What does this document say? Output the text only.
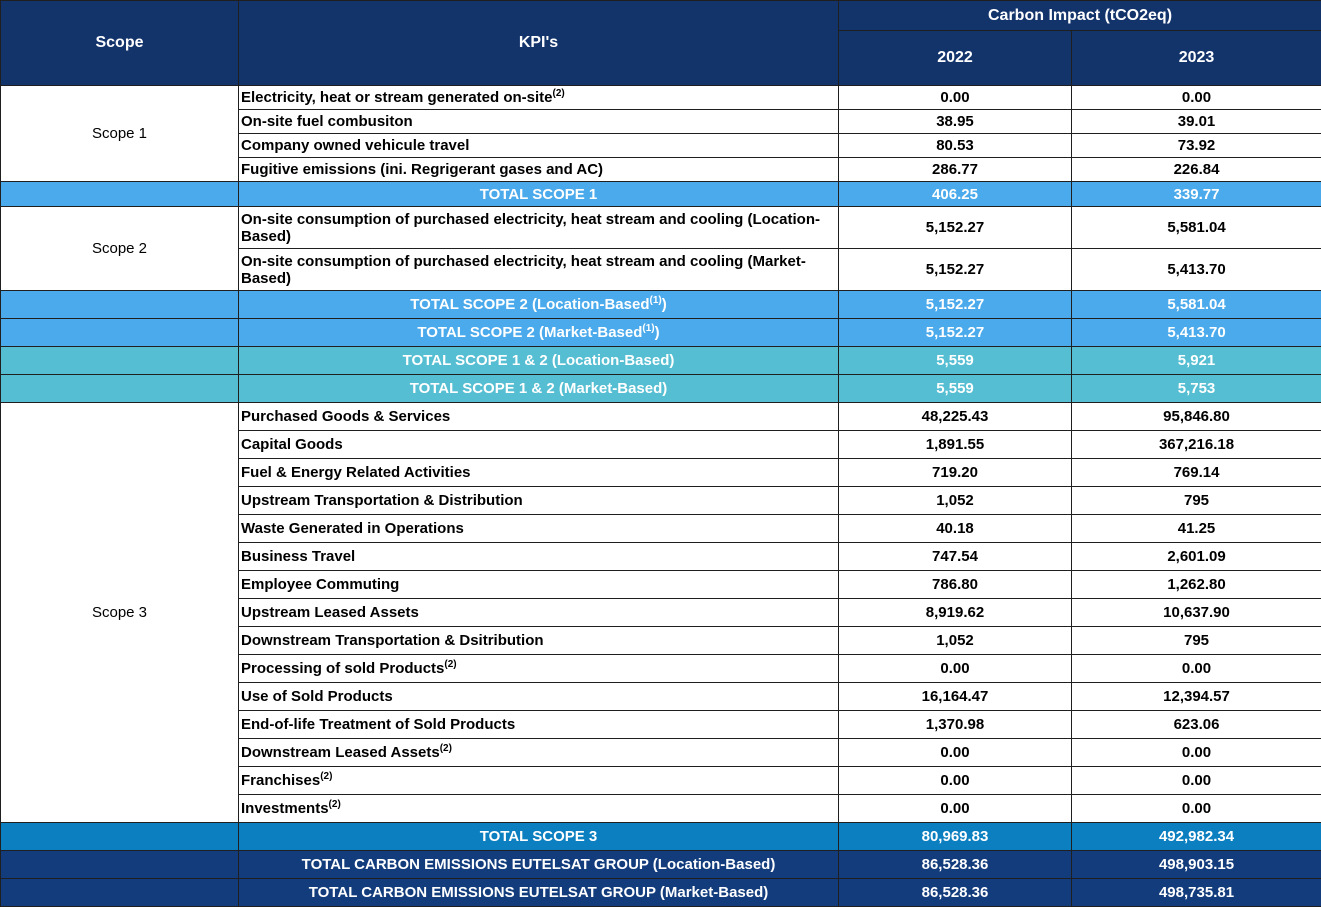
Scope	KPI's	Carbon Impact (tCO2eq)	
		2022	2023
Scope 1	Electricity, heat or stream generated on-site$^{(2)}$	0.00	0.00
	On-site fuel combusiton	38.95	39.01
	Company owned vehicule travel	80.53	73.92
	Fugitive emissions (ini. Regrigerant gases and AC)	286.77	226.84
	TOTAL SCOPE 1	406.25	339.77
Scope 2	On-site consumption of purchased electricity, heat stream and cooling (Location-Based)	5,152.27	5,581.04
	On-site consumption of purchased electricity, heat stream and cooling (Market-Based)	5,152.27	5,413.70
	TOTAL SCOPE 2 (Location-Based$^{(1)}$)	5,152.27	5,581.04
	TOTAL SCOPE 2 (Market-Based$^{(1)}$)	5,152.27	5,413.70
	TOTAL SCOPE 1 & 2 (Location-Based)	5,559	5,921
	TOTAL SCOPE 1 & 2 (Market-Based)	5,559	5,753
Scope 3	Purchased Goods & Services	48,225.43	95,846.80
	Capital Goods	1,891.55	367,216.18
	Fuel & Energy Related Activities	719.20	769.14
	Upstream Transportation & Distribution	1,052	795
	Waste Generated in Operations	40.18	41.25
	Business Travel	747.54	2,601.09
	Employee Commuting	786.80	1,262.80
	Upstream Leased Assets	8,919.62	10,637.90
	Downstream Transportation & Dsitribution	1,052	795
	Processing of sold Products$^{(2)}$	0.00	0.00
	Use of Sold Products	16,164.47	12,394.57
	End-of-life Treatment of Sold Products	1,370.98	623.06
	Downstream Leased Assets$^{(2)}$	0.00	0.00
	Franchises$^{(2)}$	0.00	0.00
	Investments$^{(2)}$	0.00	0.00
	TOTAL SCOPE 3	80,969.83	492,982.34
	TOTAL CARBON EMISSIONS EUTELSAT GROUP (Location-Based)	86,528.36	498,903.15
	TOTAL CARBON EMISSIONS EUTELSAT GROUP (Market-Based)	86,528.36	498,735.81
